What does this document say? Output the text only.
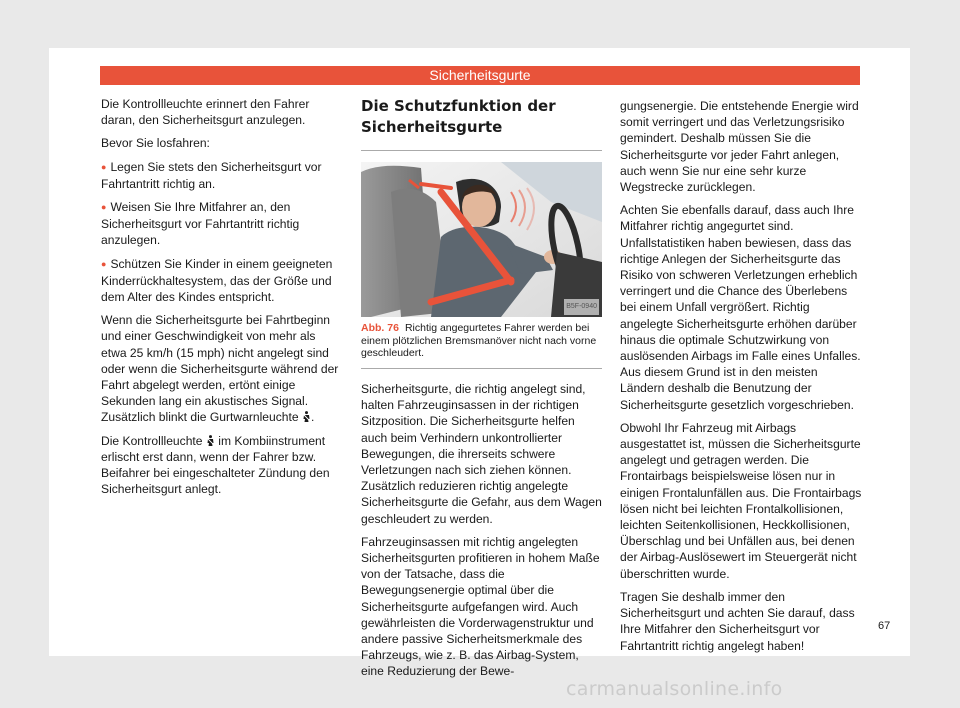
Sicherheitsgurte

Die Kontrollleuchte erinnert den Fahrer daran, den Sicherheitsgurt anzulegen.

Bevor Sie losfahren:

● Legen Sie stets den Sicherheitsgurt vor Fahrtantritt richtig an.

● Weisen Sie Ihre Mitfahrer an, den Sicherheitsgurt vor Fahrtantritt richtig anzulegen.

● Schützen Sie Kinder in einem geeigneten Kinderrückhaltesystem, das der Größe und dem Alter des Kindes entspricht.

Wenn die Sicherheitsgurte bei Fahrtbeginn und einer Geschwindigkeit von mehr als etwa 25 km/h (15 mph) nicht angelegt sind oder wenn die Sicherheitsgurte während der Fahrt abgelegt werden, ertönt einige Sekunden lang ein akustisches Signal. Zusätzlich blinkt die Gurtwarnleuchte .

Die Kontrollleuchte im Kombiinstrument erlischt erst dann, wenn der Fahrer bzw. Beifahrer bei eingeschalteter Zündung den Sicherheitsgurt anlegt.

Die Schutzfunktion der Sicherheitsgurte
B5F-0940
Abb. 76 Richtig angegurtetes Fahrer werden bei einem plötzlichen Bremsmanöver nicht nach vorne geschleudert.

Sicherheitsgurte, die richtig angelegt sind, halten Fahrzeuginsassen in der richtigen Sitzposition. Die Sicherheitsgurte helfen auch beim Verhindern unkontrollierter Bewegungen, die ihrerseits schwere Verletzungen nach sich ziehen können. Zusätzlich reduzieren richtig angelegte Sicherheitsgurte die Gefahr, aus dem Wagen geschleudert zu werden.

Fahrzeuginsassen mit richtig angelegten Sicherheitsgurten profitieren in hohem Maße von der Tatsache, dass die Bewegungsenergie optimal über die Sicherheitsgurte aufgefangen wird. Auch gewährleisten die Vorderwagenstruktur und andere passive Sicherheitsmerkmale des Fahrzeugs, wie z. B. das Airbag-System, eine Reduzierung der Bewe-

gungsenergie. Die entstehende Energie wird somit verringert und das Verletzungsrisiko gemindert. Deshalb müssen Sie die Sicherheitsgurte vor jeder Fahrt anlegen, auch wenn Sie nur eine sehr kurze Wegstrecke zurücklegen.

Achten Sie ebenfalls darauf, dass auch Ihre Mitfahrer richtig angegurtet sind. Unfallstatistiken haben bewiesen, dass das richtige Anlegen der Sicherheitsgurte das Risiko von schweren Verletzungen erheblich verringert und die Chance des Überlebens bei einem Unfall vergrößert. Richtig angelegte Sicherheitsgurte erhöhen darüber hinaus die optimale Schutzwirkung von auslösenden Airbags im Falle eines Unfalles. Aus diesem Grund ist in den meisten Ländern deshalb die Benutzung der Sicherheitsgurte gesetzlich vorgeschrieben.

Obwohl Ihr Fahrzeug mit Airbags ausgestattet ist, müssen die Sicherheitsgurte angelegt und getragen werden. Die Frontairbags beispielsweise lösen nur in einigen Frontalunfällen aus. Die Frontairbags lösen nicht bei leichten Frontalkollisionen, leichten Seitenkollisionen, Heckkollisionen, Überschlag und bei Unfällen aus, bei denen der Airbag-Auslösewert im Steuergerät nicht überschritten wurde.

Tragen Sie deshalb immer den Sicherheitsgurt und achten Sie darauf, dass Ihre Mitfahrer den Sicherheitsgurt vor Fahrtantritt richtig angelegt haben!

67
carmanualsonline.info
